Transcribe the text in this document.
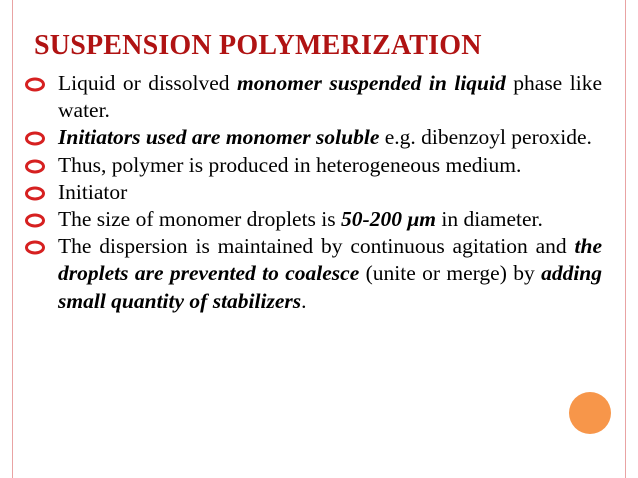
SUSPENSION POLYMERIZATION

Liquid or dissolved monomer suspended in liquid phase like water.

Initiators used are monomer soluble e.g. dibenzoyl peroxide.

Thus, polymer is produced in heterogeneous medium.

Initiator

The size of monomer droplets is 50-200 μm in diameter.

The dispersion is maintained by continuous agitation and the droplets are prevented to coalesce (unite or merge) by adding small quantity of stabilizers.
